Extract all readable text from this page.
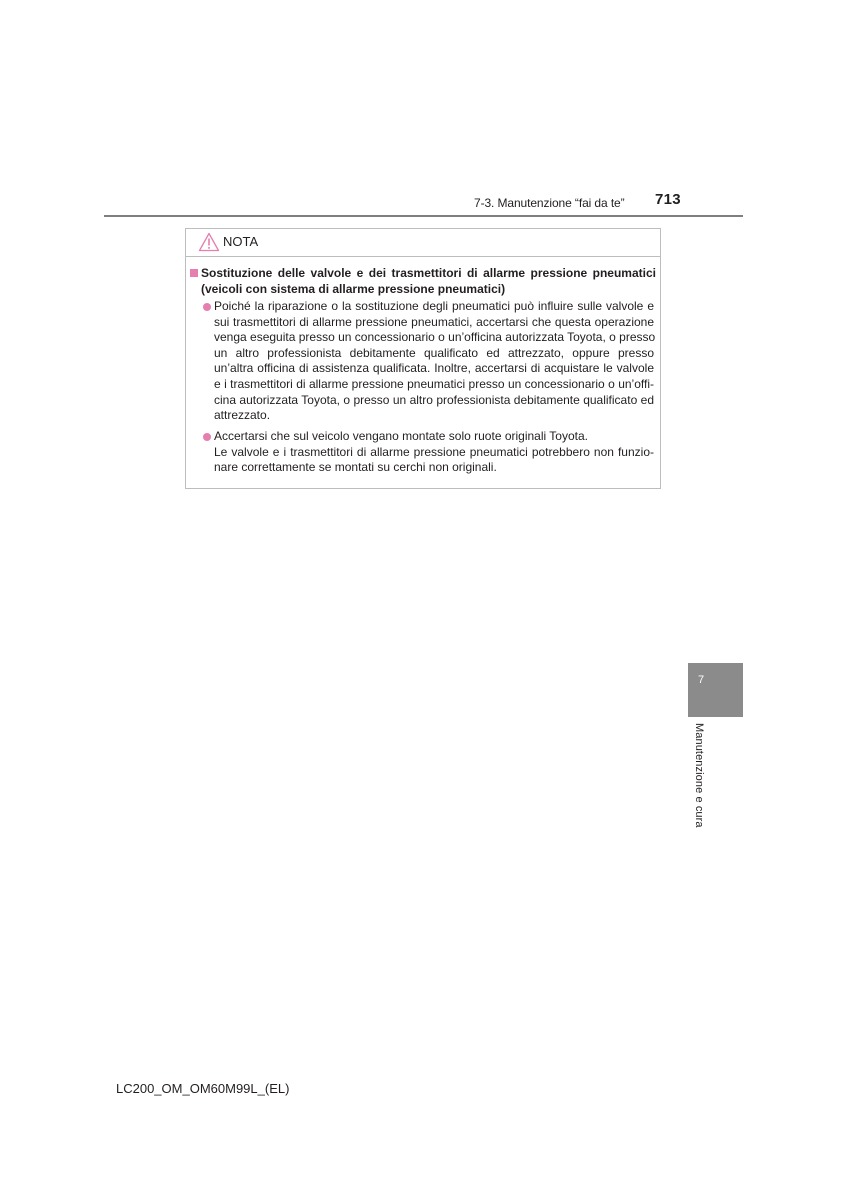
7-3. Manutenzione “fai da te” 713
NOTA
Sostituzione delle valvole e dei trasmettitori di allarme pressione pneumatici
(veicoli con sistema di allarme pressione pneumatici)
Poiché la riparazione o la sostituzione degli pneumatici può influire sulle valvole e
sui trasmettitori di allarme pressione pneumatici, accertarsi che questa operazione
venga eseguita presso un concessionario o un’officina autorizzata Toyota, o presso
un altro professionista debitamente qualificato ed attrezzato, oppure presso
un’altra officina di assistenza qualificata. Inoltre, accertarsi di acquistare le valvole
e i trasmettitori di allarme pressione pneumatici presso un concessionario o un’offi-
cina autorizzata Toyota, o presso un altro professionista debitamente qualificato ed
attrezzato.
Accertarsi che sul veicolo vengano montate solo ruote originali Toyota.
Le valvole e i trasmettitori di allarme pressione pneumatici potrebbero non funzio-
nare correttamente se montati su cerchi non originali.
7
Manutenzione e cura
LC200_OM_OM60M99L_(EL)
